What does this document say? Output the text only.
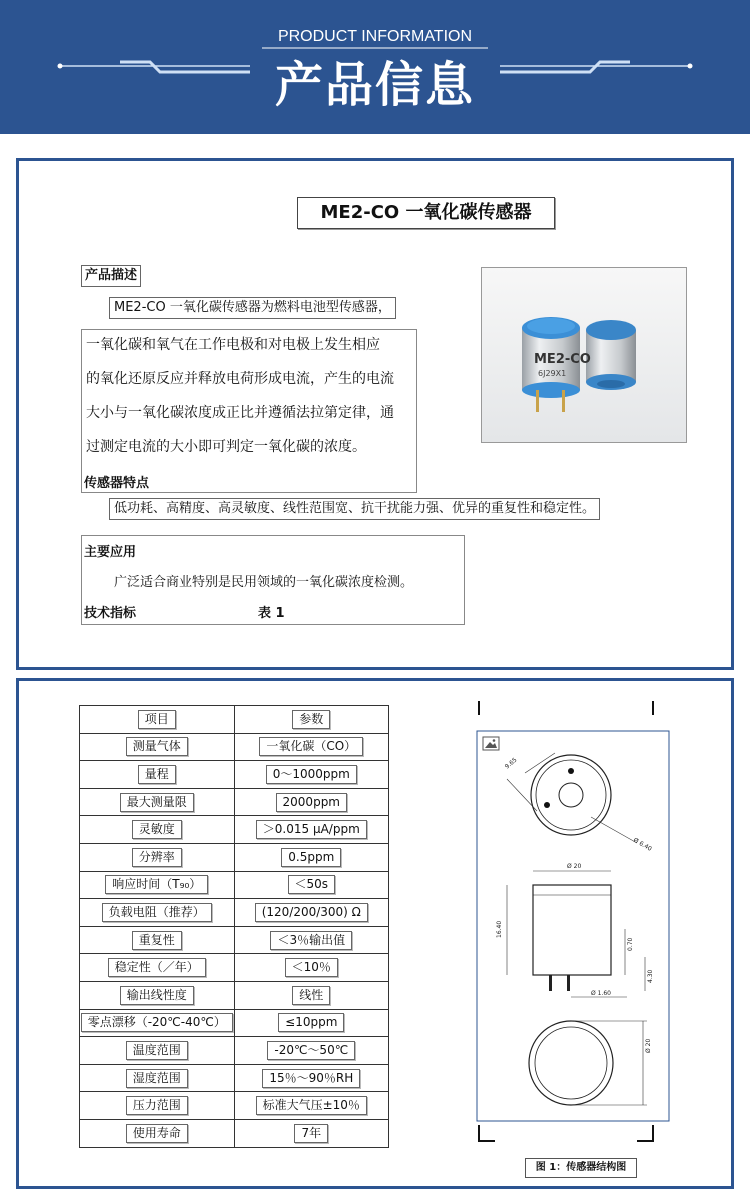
PRODUCT INFORMATION
产品信息
ME2-CO 一氧化碳传感器
产品描述
ME2-CO 一氧化碳传感器为燃料电池型传感器，
一氧化碳和氧气在工作电极和对电极上发生相应
的氧化还原反应并释放电荷形成电流，产生的电流
大小与一氧化碳浓度成正比并遵循法拉第定律，通
过测定电流的大小即可判定一氧化碳的浓度。
传感器特点
低功耗、高精度、高灵敏度、线性范围宽、抗干扰能力强、优异的重复性和稳定性。
主要应用
广泛适合商业特别是民用领域的一氧化碳浓度检测。
技术指标	表 1
ME2-CO
6J29X1
项目	参数
测量气体	一氧化碳（CO）
量程	0～1000ppm
最大测量限	2000ppm
灵敏度	＞0.015 μA/ppm
分辨率	0.5ppm
响应时间（T₉₀）	＜50s
负载电阻（推荐）	(120/200/300) Ω
重复性	＜3％输出值
稳定性（／年）	＜10％
输出线性度	线性
零点漂移（-20℃-40℃）	≤10ppm
温度范围	-20℃～50℃
湿度范围	15％～90％RH
压力范围	标准大气压±10％
使用寿命	7年
9.65
Ø 6.40
Ø 20
16.40
0.70
4.30
Ø 1.60
Ø 20
图 1：传感器结构图
